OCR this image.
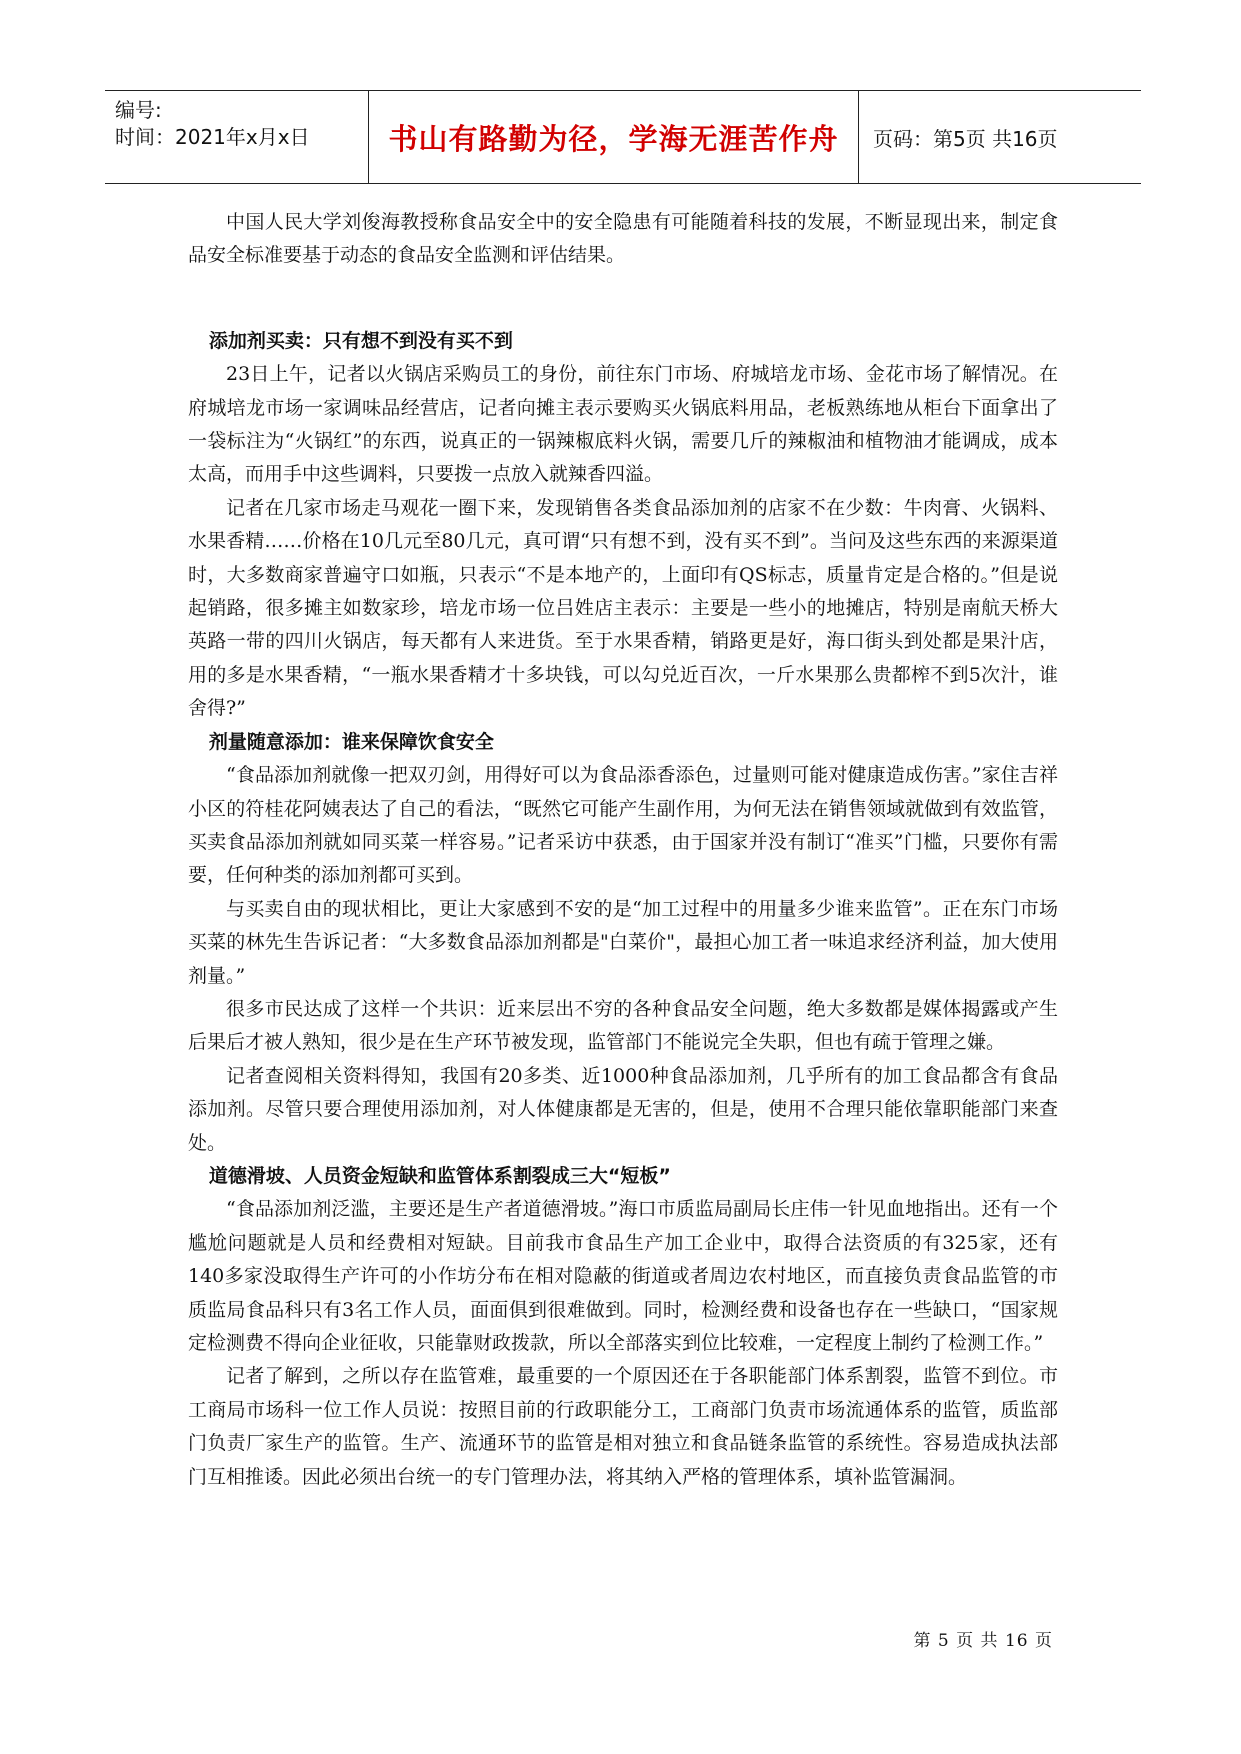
编号:
时间：2021年x月x日	书山有路勤为径，学海无涯苦作舟	页码：第5页 共16页

中国人民大学刘俊海教授称食品安全中的安全隐患有可能随着科技的发展，不断显现出来，制定食品安全标准要基于动态的食品安全监测和评估结果。

添加剂买卖：只有想不到没有买不到

23日上午，记者以火锅店采购员工的身份，前往东门市场、府城培龙市场、金花市场了解情况。在府城培龙市场一家调味品经营店，记者向摊主表示要购买火锅底料用品，老板熟练地从柜台下面拿出了一袋标注为“火锅红”的东西，说真正的一锅辣椒底料火锅，需要几斤的辣椒油和植物油才能调成，成本太高，而用手中这些调料，只要拨一点放入就辣香四溢。

记者在几家市场走马观花一圈下来，发现销售各类食品添加剂的店家不在少数：牛肉膏、火锅料、水果香精……价格在10几元至80几元，真可谓“只有想不到，没有买不到”。当问及这些东西的来源渠道时，大多数商家普遍守口如瓶，只表示“不是本地产的，上面印有QS标志，质量肯定是合格的。”但是说起销路，很多摊主如数家珍，培龙市场一位吕姓店主表示：主要是一些小的地摊店，特别是南航天桥大英路一带的四川火锅店，每天都有人来进货。至于水果香精，销路更是好，海口街头到处都是果汁店，用的多是水果香精，“一瓶水果香精才十多块钱，可以勾兑近百次，一斤水果那么贵都榨不到5次汁，谁舍得?”

剂量随意添加：谁来保障饮食安全

“食品添加剂就像一把双刃剑，用得好可以为食品添香添色，过量则可能对健康造成伤害。”家住吉祥小区的符桂花阿姨表达了自己的看法，“既然它可能产生副作用，为何无法在销售领域就做到有效监管，买卖食品添加剂就如同买菜一样容易。”记者采访中获悉，由于国家并没有制订“准买”门槛，只要你有需要，任何种类的添加剂都可买到。

与买卖自由的现状相比，更让大家感到不安的是“加工过程中的用量多少谁来监管”。正在东门市场买菜的林先生告诉记者：“大多数食品添加剂都是"白菜价"，最担心加工者一味追求经济利益，加大使用剂量。”

很多市民达成了这样一个共识：近来层出不穷的各种食品安全问题，绝大多数都是媒体揭露或产生后果后才被人熟知，很少是在生产环节被发现，监管部门不能说完全失职，但也有疏于管理之嫌。

记者查阅相关资料得知，我国有20多类、近1000种食品添加剂，几乎所有的加工食品都含有食品添加剂。尽管只要合理使用添加剂，对人体健康都是无害的，但是，使用不合理只能依靠职能部门来查处。

道德滑坡、人员资金短缺和监管体系割裂成三大“短板”

“食品添加剂泛滥，主要还是生产者道德滑坡。”海口市质监局副局长庄伟一针见血地指出。还有一个尴尬问题就是人员和经费相对短缺。目前我市食品生产加工企业中，取得合法资质的有325家，还有140多家没取得生产许可的小作坊分布在相对隐蔽的街道或者周边农村地区，而直接负责食品监管的市质监局食品科只有3名工作人员，面面俱到很难做到。同时，检测经费和设备也存在一些缺口，“国家规定检测费不得向企业征收，只能靠财政拨款，所以全部落实到位比较难，一定程度上制约了检测工作。”

记者了解到，之所以存在监管难，最重要的一个原因还在于各职能部门体系割裂，监管不到位。市工商局市场科一位工作人员说：按照目前的行政职能分工，工商部门负责市场流通体系的监管，质监部门负责厂家生产的监管。生产、流通环节的监管是相对独立和食品链条监管的系统性。容易造成执法部门互相推诿。因此必须出台统一的专门管理办法，将其纳入严格的管理体系，填补监管漏洞。

第 5 页 共 16 页
